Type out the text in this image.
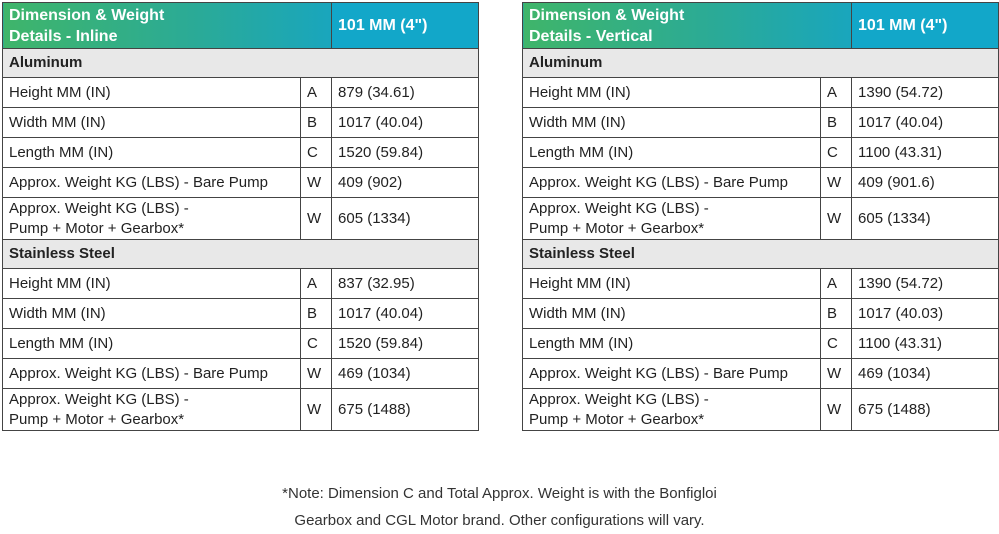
Dimension & Weight
Details - Inline		101 MM (4")
Aluminum		
Height MM (IN)	A	879 (34.61)
Width MM (IN)	B	1017 (40.04)
Length MM (IN)	C	1520 (59.84)
Approx. Weight KG (LBS) - Bare Pump	W	409 (902)

Approx. Weight KG (LBS) -
Pump + Motor + Gearbox*	W	605 (1334)
Stainless Steel		
Height MM (IN)	A	837 (32.95)
Width MM (IN)	B	1017 (40.04)
Length MM (IN)	C	1520 (59.84)
Approx. Weight KG (LBS) - Bare Pump	W	469 (1034)

Approx. Weight KG (LBS) -
Pump + Motor + Gearbox*	W	675 (1488)
Dimension & Weight
Details - Vertical		101 MM (4")
Aluminum		
Height MM (IN)	A	1390 (54.72)
Width MM (IN)	B	1017 (40.04)
Length MM (IN)	C	1100 (43.31)
Approx. Weight KG (LBS) - Bare Pump	W	409 (901.6)

Approx. Weight KG (LBS) -
Pump + Motor + Gearbox*	W	605 (1334)
Stainless Steel		
Height MM (IN)	A	1390 (54.72)
Width MM (IN)	B	1017 (40.03)
Length MM (IN)	C	1100 (43.31)
Approx. Weight KG (LBS) - Bare Pump	W	469 (1034)

Approx. Weight KG (LBS) -
Pump + Motor + Gearbox*	W	675 (1488)
*Note: Dimension C and Total Approx. Weight is with the Bonfigloi
Gearbox and CGL Motor brand. Other configurations will vary.
